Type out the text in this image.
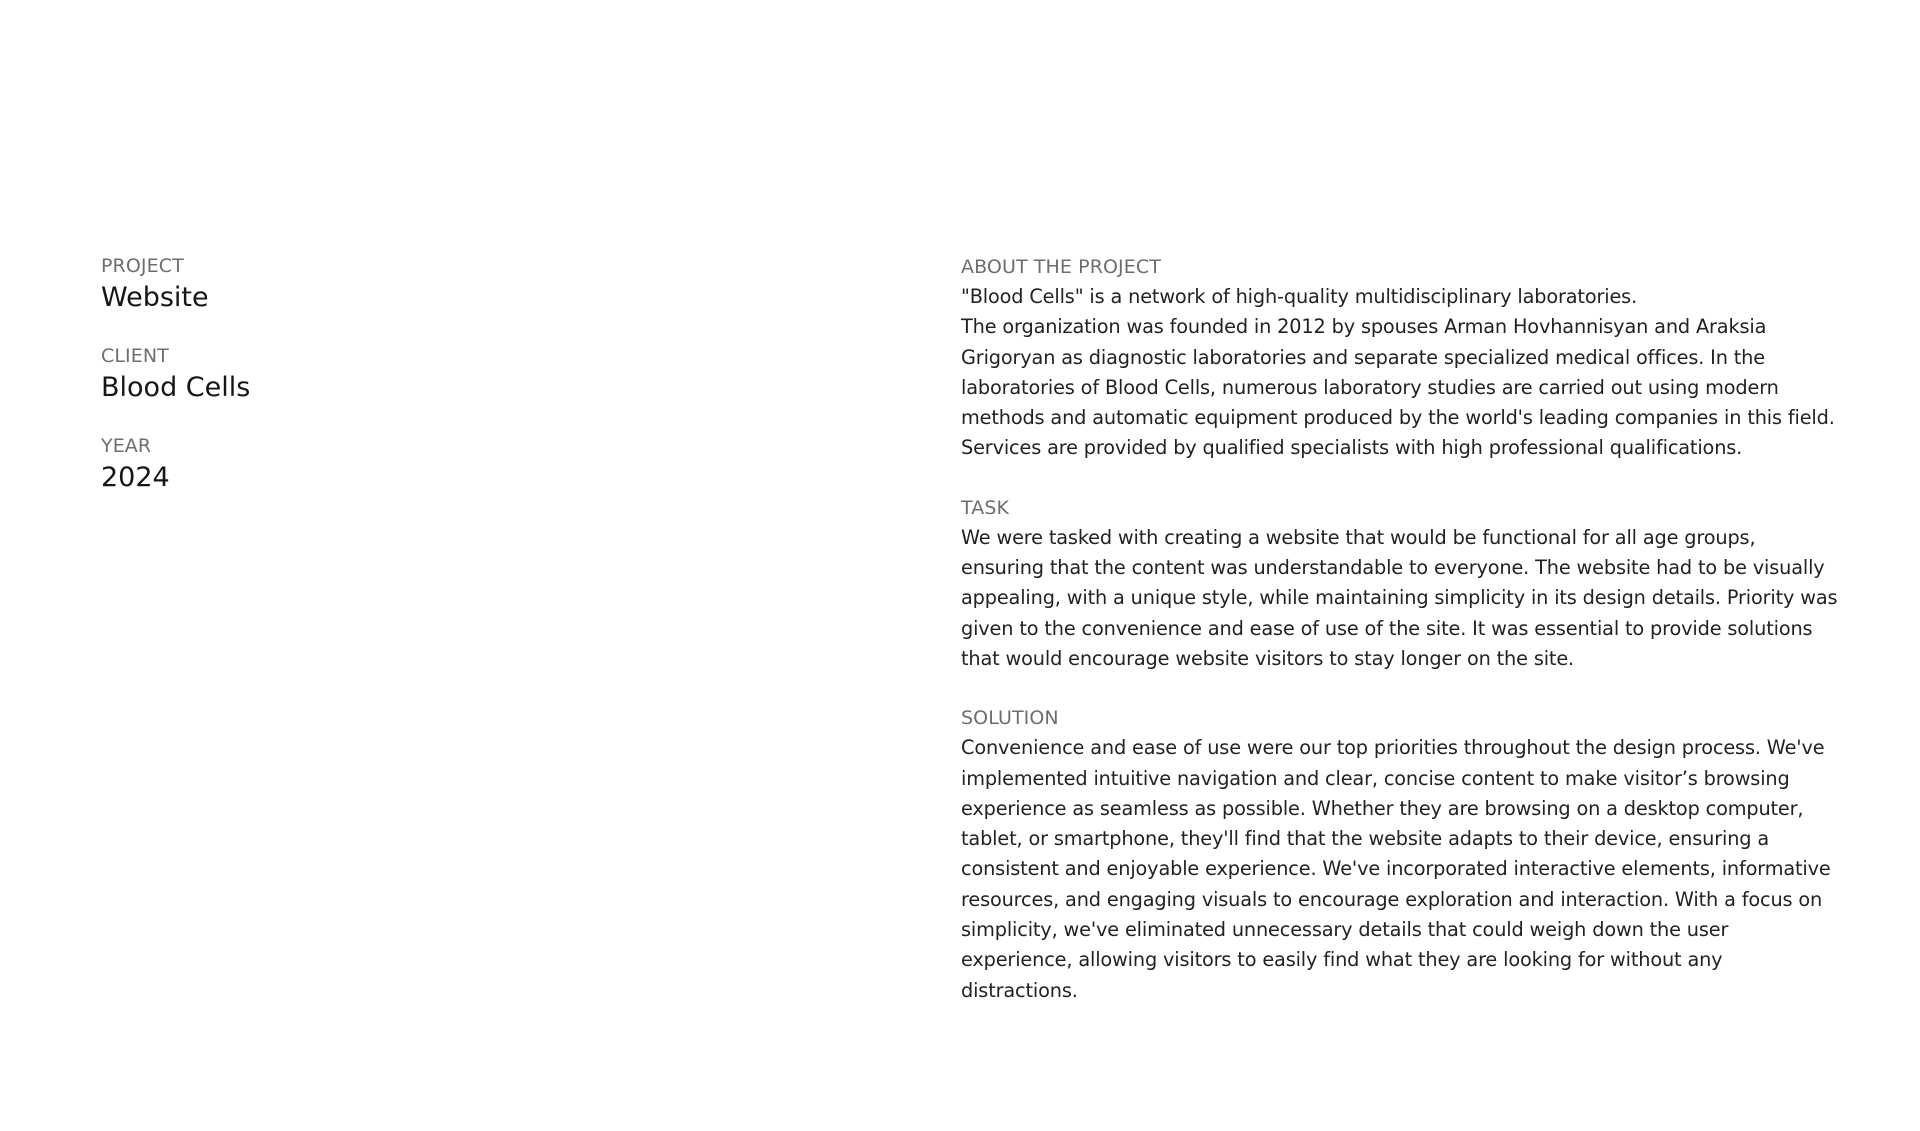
PROJECT
Website
CLIENT
Blood Cells
YEAR
2024
ABOUT THE PROJECT

"Blood Cells" is a network of high-quality multidisciplinary laboratories.

The organization was founded in 2012 by spouses Arman Hovhannisyan and Araksia Grigoryan as diagnostic laboratories and separate specialized medical offices. In the laboratories of Blood Cells, numerous laboratory studies are carried out using modern methods and automatic equipment produced by the world's leading companies in this field. Services are provided by qualified specialists with high professional qualifications.

TASK

We were tasked with creating a website that would be functional for all age groups, ensuring that the content was understandable to everyone. The website had to be visually appealing, with a unique style, while maintaining simplicity in its design details. Priority was given to the convenience and ease of use of the site. It was essential to provide solutions that would encourage website visitors to stay longer on the site.

SOLUTION

Convenience and ease of use were our top priorities throughout the design process. We've implemented intuitive navigation and clear, concise content to make visitor’s browsing experience as seamless as possible. Whether they are browsing on a desktop computer, tablet, or smartphone, they'll find that the website adapts to their device, ensuring a consistent and enjoyable experience. We've incorporated interactive elements, informative resources, and engaging visuals to encourage exploration and interaction. With a focus on simplicity, we've eliminated unnecessary details that could weigh down the user experience, allowing visitors to easily find what they are looking for without any distractions.
